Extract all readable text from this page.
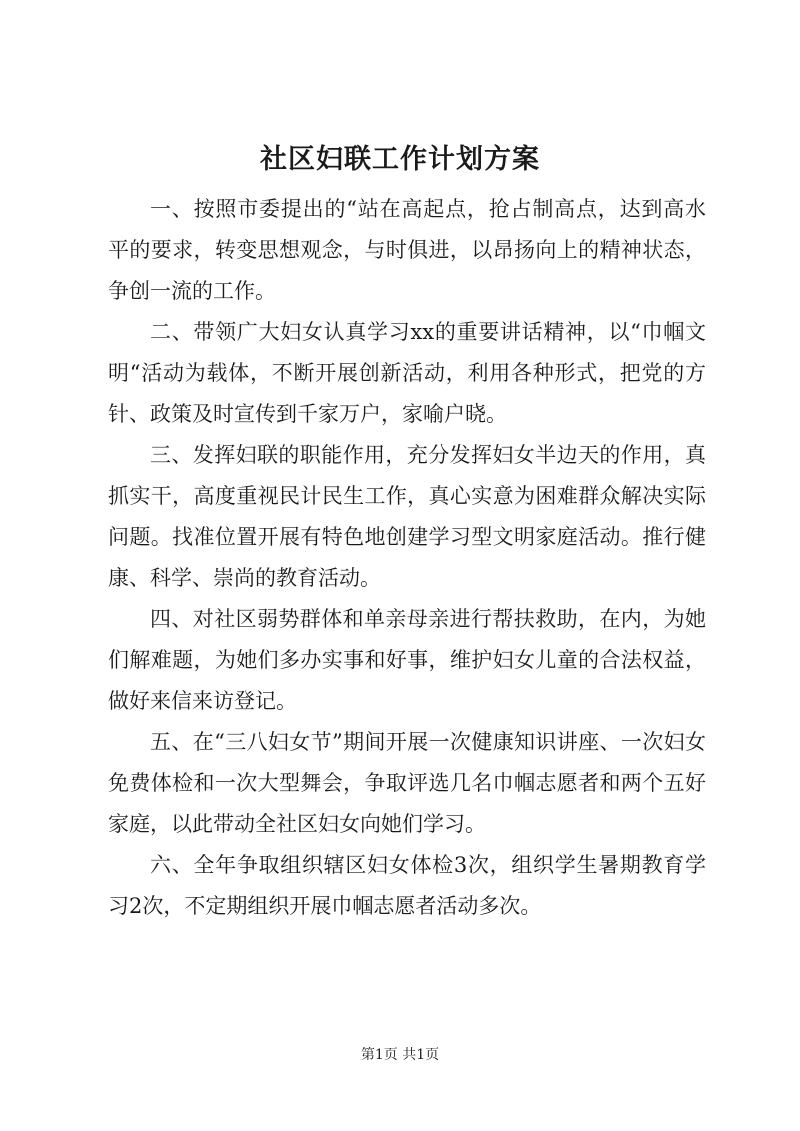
社区妇联工作计划方案

一、按照市委提出的“站在高起点，抢占制高点，达到高水平的要求，转变思想观念，与时俱进，以昂扬向上的精神状态，争创一流的工作。

二、带领广大妇女认真学习xx的重要讲话精神，以“巾帼文明“活动为载体，不断开展创新活动，利用各种形式，把党的方针、政策及时宣传到千家万户，家喻户晓。

三、发挥妇联的职能作用，充分发挥妇女半边天的作用，真抓实干，高度重视民计民生工作，真心实意为困难群众解决实际问题。找准位置开展有特色地创建学习型文明家庭活动。推行健康、科学、崇尚的教育活动。

四、对社区弱势群体和单亲母亲进行帮扶救助，在内，为她们解难题，为她们多办实事和好事，维护妇女儿童的合法权益，做好来信来访登记。

五、在“三八妇女节”期间开展一次健康知识讲座、一次妇女免费体检和一次大型舞会，争取评选几名巾帼志愿者和两个五好家庭，以此带动全社区妇女向她们学习。

六、全年争取组织辖区妇女体检3次，组织学生暑期教育学习2次，不定期组织开展巾帼志愿者活动多次。

第1页 共1页
